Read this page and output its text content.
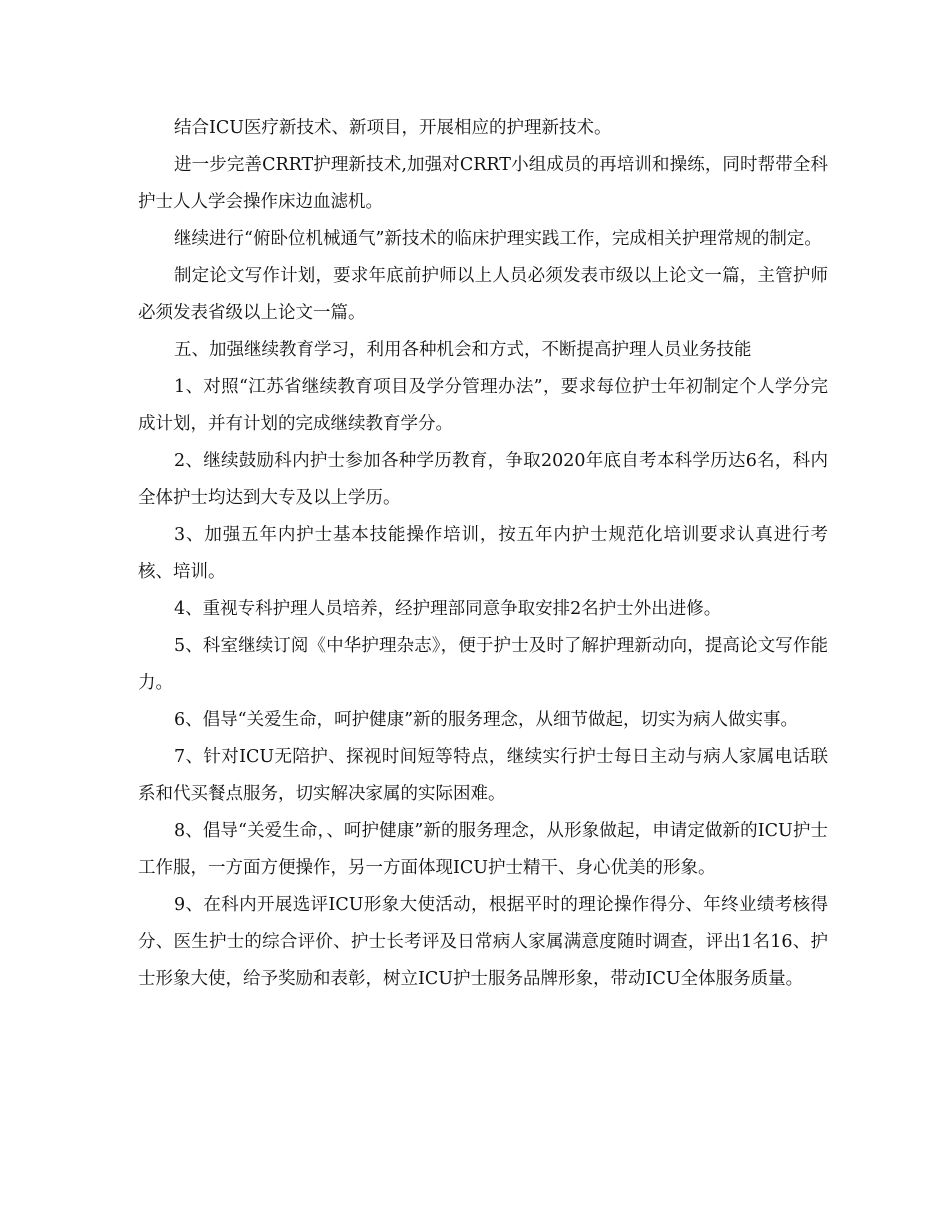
结合ICU医疗新技术、新项目，开展相应的护理新技术。

进一步完善CRRT护理新技术,加强对CRRT小组成员的再培训和操练，同时帮带全科护士人人学会操作床边血滤机。

继续进行“俯卧位机械通气”新技术的临床护理实践工作，完成相关护理常规的制定。

制定论文写作计划，要求年底前护师以上人员必须发表市级以上论文一篇，主管护师必须发表省级以上论文一篇。

五、加强继续教育学习，利用各种机会和方式，不断提高护理人员业务技能

1、对照“江苏省继续教育项目及学分管理办法”，要求每位护士年初制定个人学分完成计划，并有计划的完成继续教育学分。

2、继续鼓励科内护士参加各种学历教育，争取2020年底自考本科学历达6名，科内全体护士均达到大专及以上学历。

3、加强五年内护士基本技能操作培训，按五年内护士规范化培训要求认真进行考核、培训。

4、重视专科护理人员培养，经护理部同意争取安排2名护士外出进修。

5、科室继续订阅《中华护理杂志》，便于护士及时了解护理新动向，提高论文写作能力。

6、倡导“关爱生命，呵护健康”新的服务理念，从细节做起，切实为病人做实事。

7、针对ICU无陪护、探视时间短等特点，继续实行护士每日主动与病人家属电话联系和代买餐点服务，切实解决家属的实际困难。

8、倡导“关爱生命，、呵护健康”新的服务理念，从形象做起，申请定做新的ICU护士工作服，一方面方便操作，另一方面体现ICU护士精干、身心优美的形象。

9、在科内开展选评ICU形象大使活动，根据平时的理论操作得分、年终业绩考核得分、医生护士的综合评价、护士长考评及日常病人家属满意度随时调查，评出1名16、护士形象大使，给予奖励和表彰，树立ICU护士服务品牌形象，带动ICU全体服务质量。
